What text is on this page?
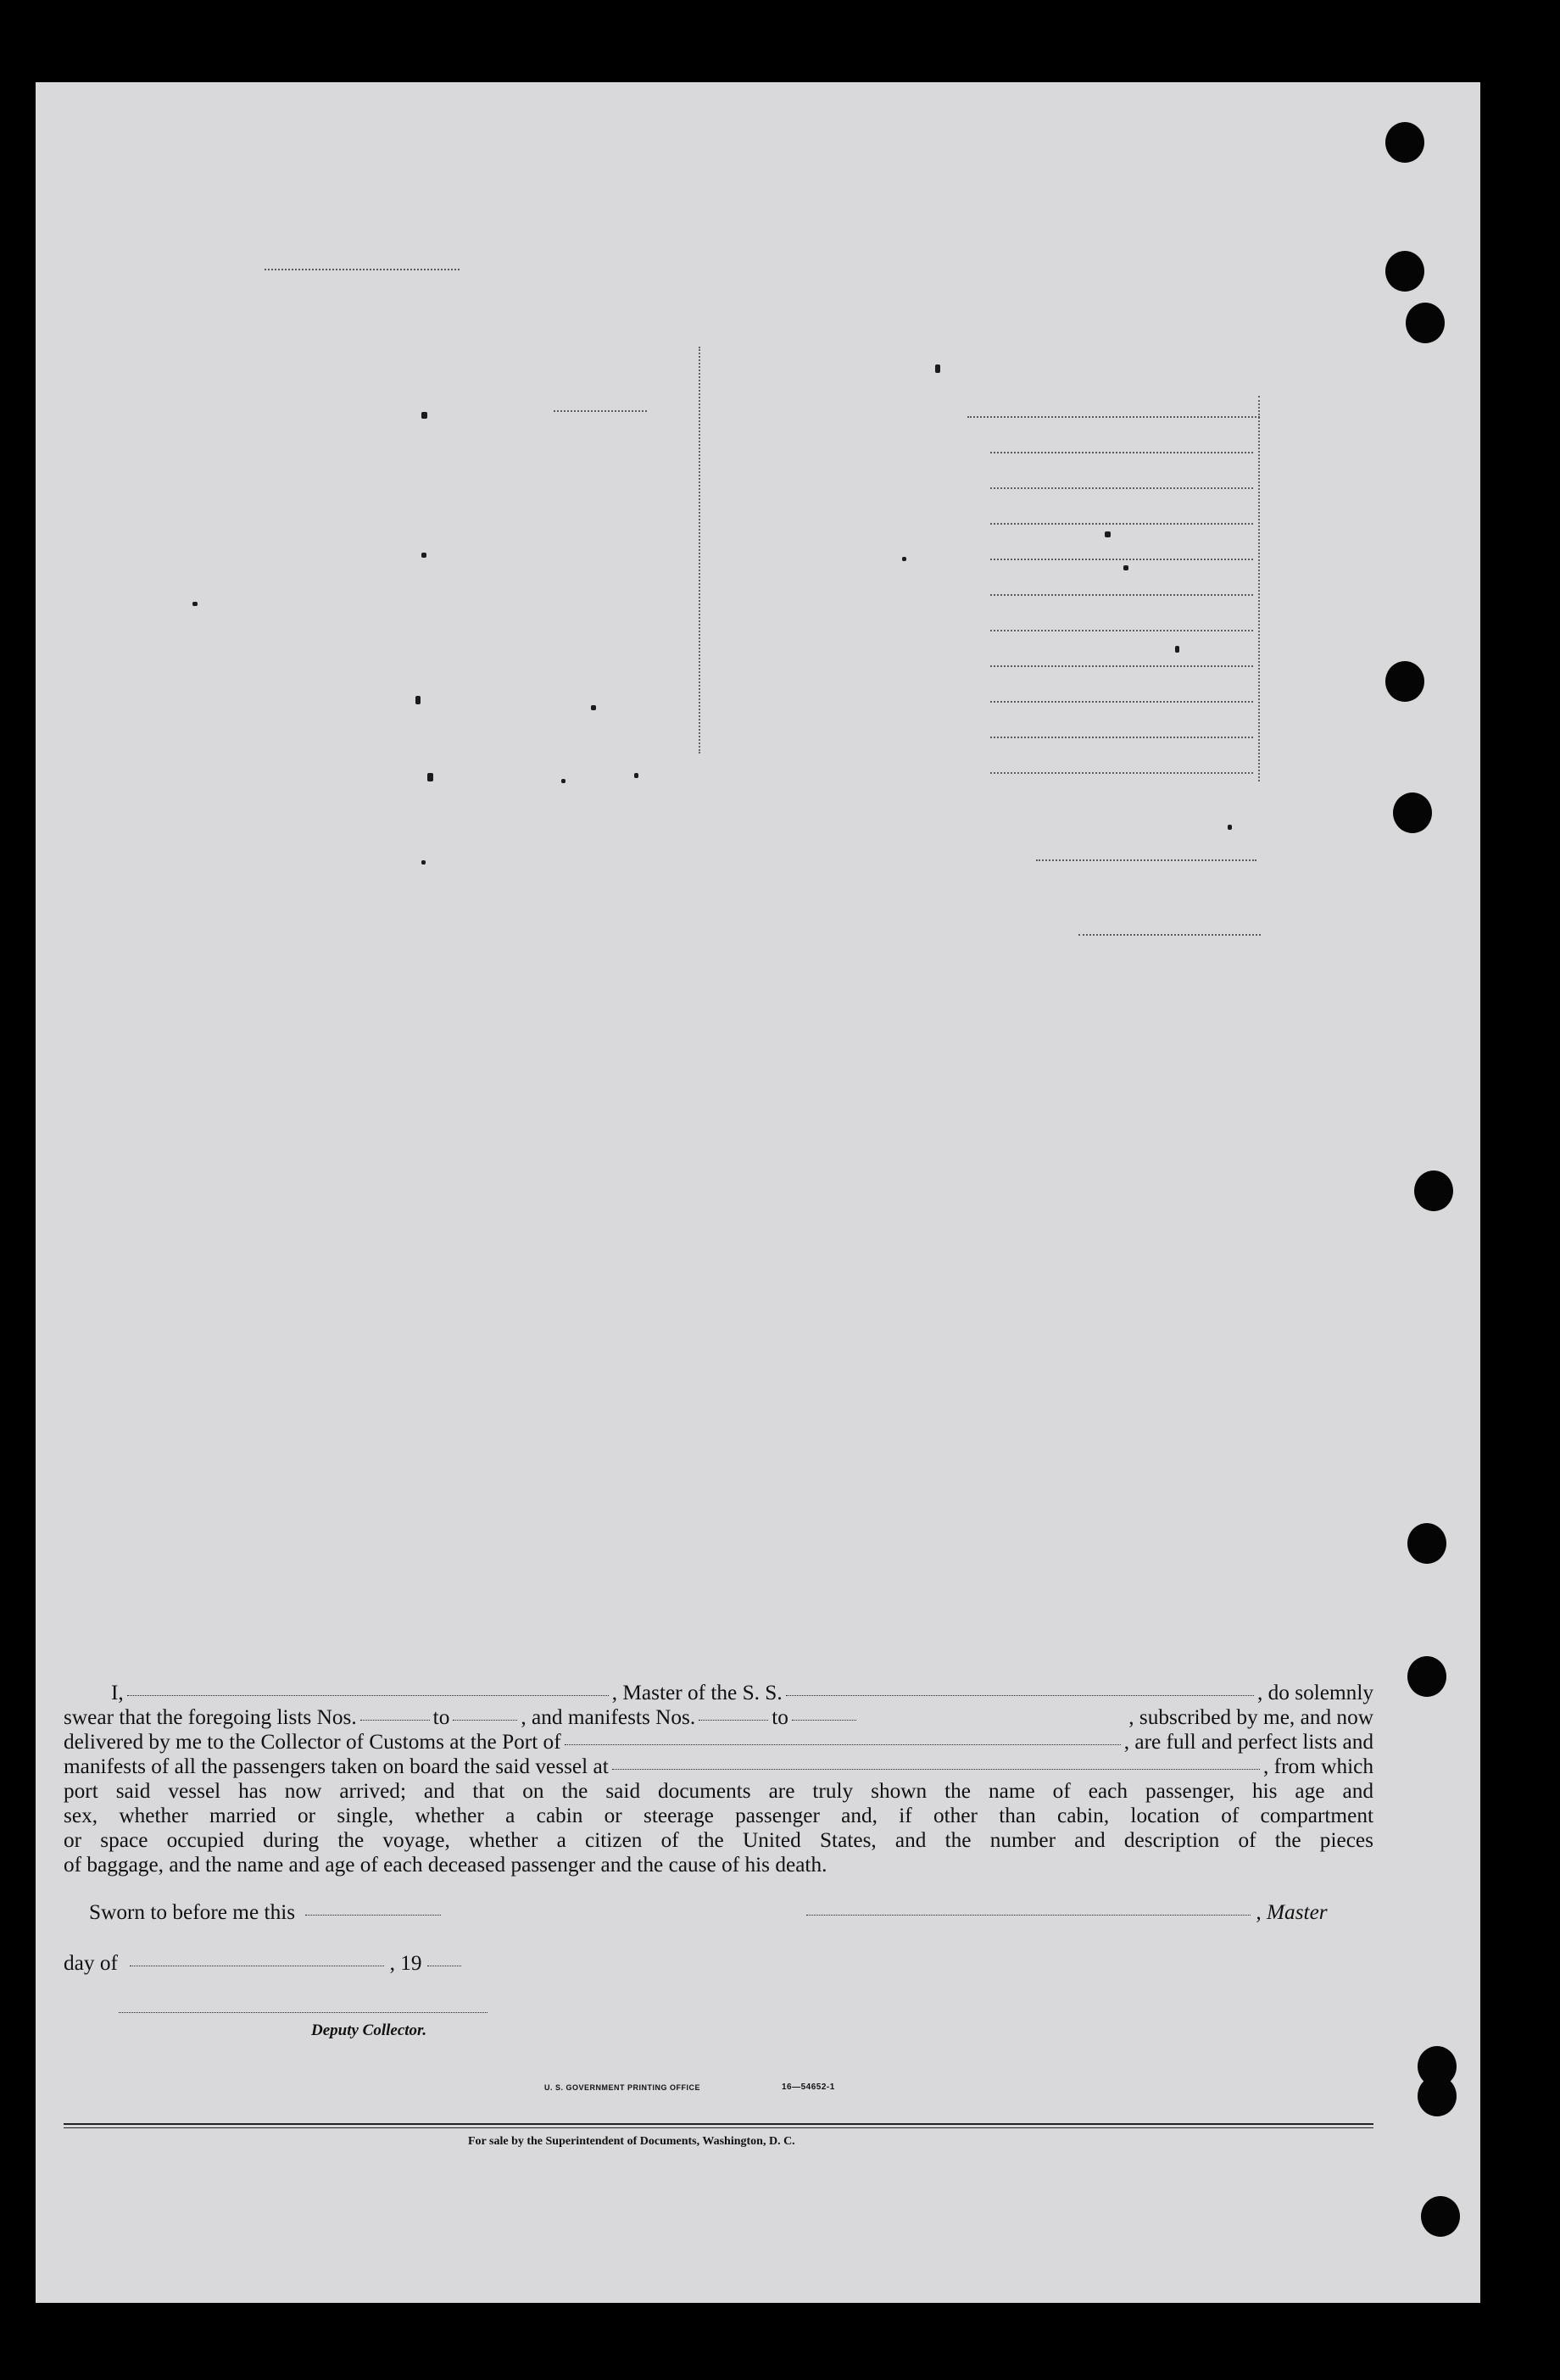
I,	, Master of the S. S.	, do solemnly
swear that the foregoing lists Nos.	to	, and manifests Nos.	to	, subscribed by me, and now
delivered by me to the Collector of Customs at the Port of	, are full and perfect lists and
manifests of all the passengers taken on board the said vessel at	, from which
port said vessel has now arrived; and that on the said documents are truly shown the name of each passenger, his age and
sex, whether married or single, whether a cabin or steerage passenger and, if other than cabin, location of compartment
or space occupied during the voyage, whether a citizen of the United States, and the number and description of the pieces
of baggage, and the name and age of each deceased passenger and the cause of his death.
Sworn to before me this	, Master
day of	, 19
Deputy Collector.
U. S. GOVERNMENT PRINTING OFFICE	16—54652-1
For sale by the Superintendent of Documents, Washington, D. C.
